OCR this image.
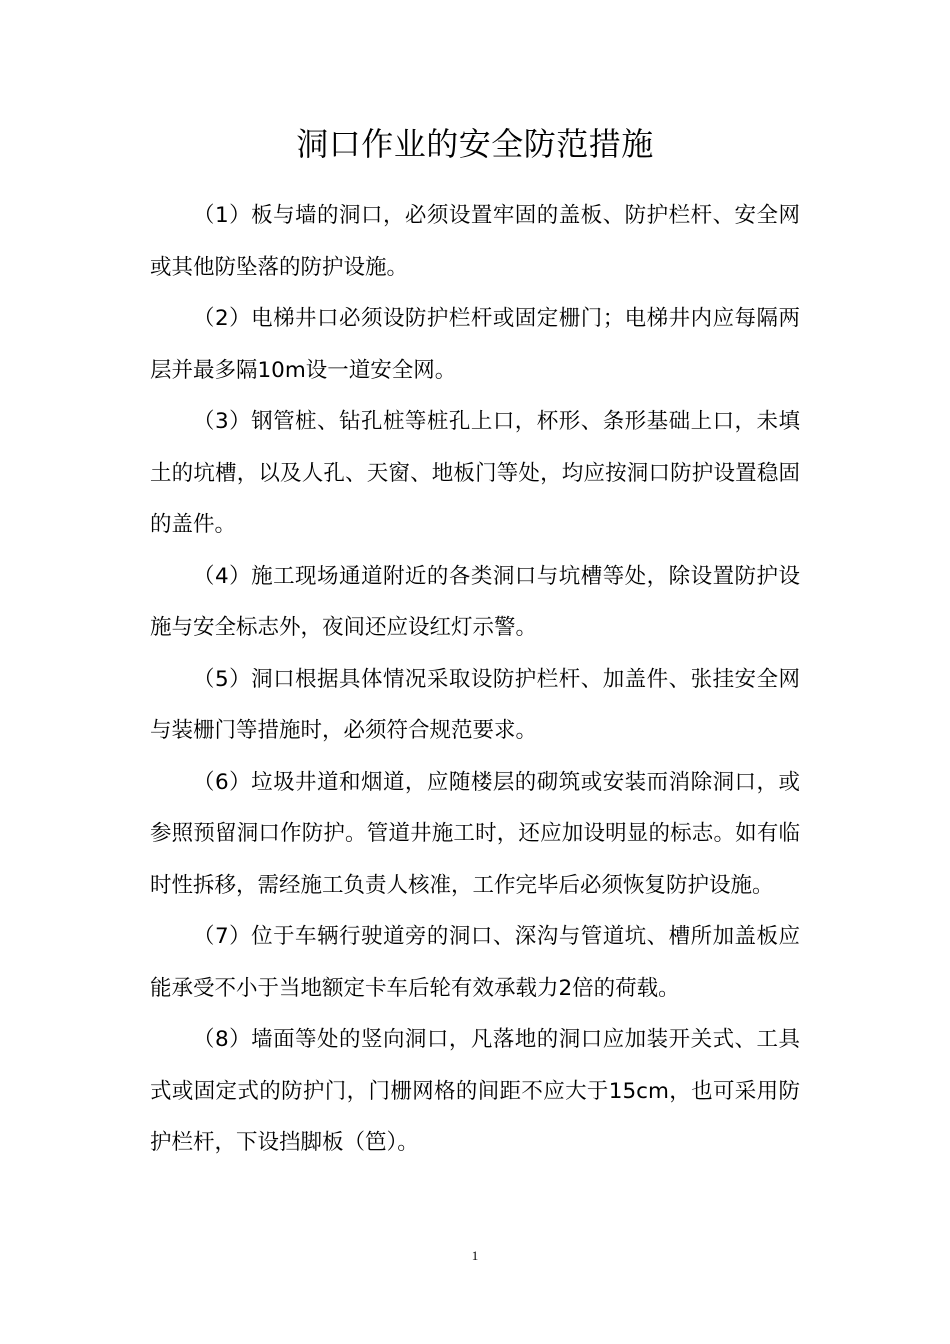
洞口作业的安全防范措施

（1）板与墙的洞口，必须设置牢固的盖板、防护栏杆、安全网或其他防坠落的防护设施。

（2）电梯井口必须设防护栏杆或固定栅门；电梯井内应每隔两层并最多隔10m设一道安全网。

（3）钢管桩、钻孔桩等桩孔上口，杯形、条形基础上口，未填土的坑槽，以及人孔、天窗、地板门等处，均应按洞口防护设置稳固的盖件。

（4）施工现场通道附近的各类洞口与坑槽等处，除设置防护设施与安全标志外，夜间还应设红灯示警。

（5）洞口根据具体情况采取设防护栏杆、加盖件、张挂安全网与装栅门等措施时，必须符合规范要求。

（6）垃圾井道和烟道，应随楼层的砌筑或安装而消除洞口，或参照预留洞口作防护。管道井施工时，还应加设明显的标志。如有临时性拆移，需经施工负责人核准，工作完毕后必须恢复防护设施。

（7）位于车辆行驶道旁的洞口、深沟与管道坑、槽所加盖板应能承受不小于当地额定卡车后轮有效承载力2倍的荷载。

（8）墙面等处的竖向洞口，凡落地的洞口应加装开关式、工具式或固定式的防护门，门栅网格的间距不应大于15cm，也可采用防护栏杆，下设挡脚板（笆）。

1
